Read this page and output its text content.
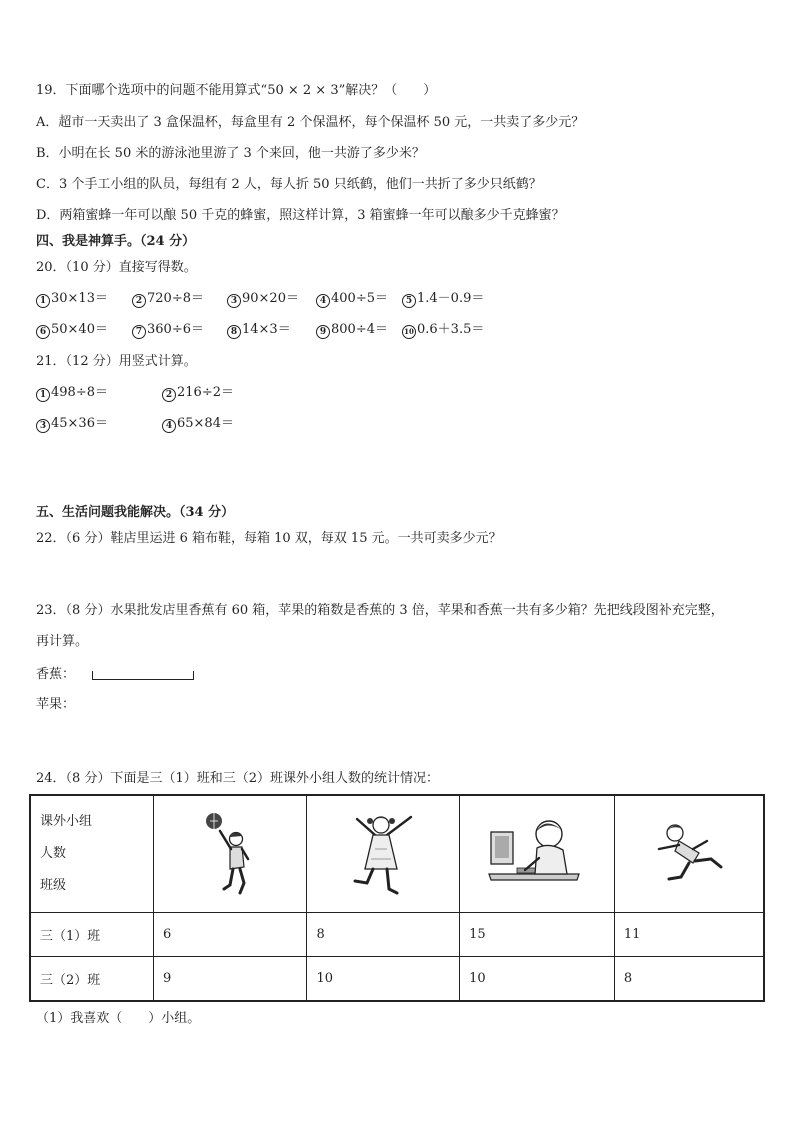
19．下面哪个选项中的问题不能用算式“50 × 2 × 3”解决？（　　）
A．超市一天卖出了 3 盒保温杯，每盒里有 2 个保温杯，每个保温杯 50 元，一共卖了多少元？
B．小明在长 50 米的游泳池里游了 3 个来回，他一共游了多少米？
C．3 个手工小组的队员，每组有 2 人，每人折 50 只纸鹤，他们一共折了多少只纸鹤？
D．两箱蜜蜂一年可以酿 50 千克的蜂蜜，照这样计算，3 箱蜜蜂一年可以酿多少千克蜂蜜？
四、我是神算手。（24 分）
20．（10 分）直接写得数。
1 30×13＝	2 720÷8＝	3 90×20＝	4 400÷5＝	5 1.4－0.9＝
6 50×40＝	7 360÷6＝	8 14×3＝	9 800÷4＝	10 0.6＋3.5＝
21．（12 分）用竖式计算。
1 498÷8＝	2 216÷2＝
3 45×36＝	4 65×84＝
五、生活问题我能解决。（34 分）
22．（6 分）鞋店里运进 6 箱布鞋，每箱 10 双，每双 15 元。一共可卖多少元？
23．（8 分）水果批发店里香蕉有 60 箱，苹果的箱数是香蕉的 3 倍，苹果和香蕉一共有多少箱？先把线段图补充完整，
再计算。
香蕉：
苹果：
24．（8 分）下面是三（1）班和三（2）班课外小组人数的统计情况：
课外小组
人数
班级

三（1）班	6	8	15	11
三（2）班	9	10	10	8
（1）我喜欢（　　）小组。
